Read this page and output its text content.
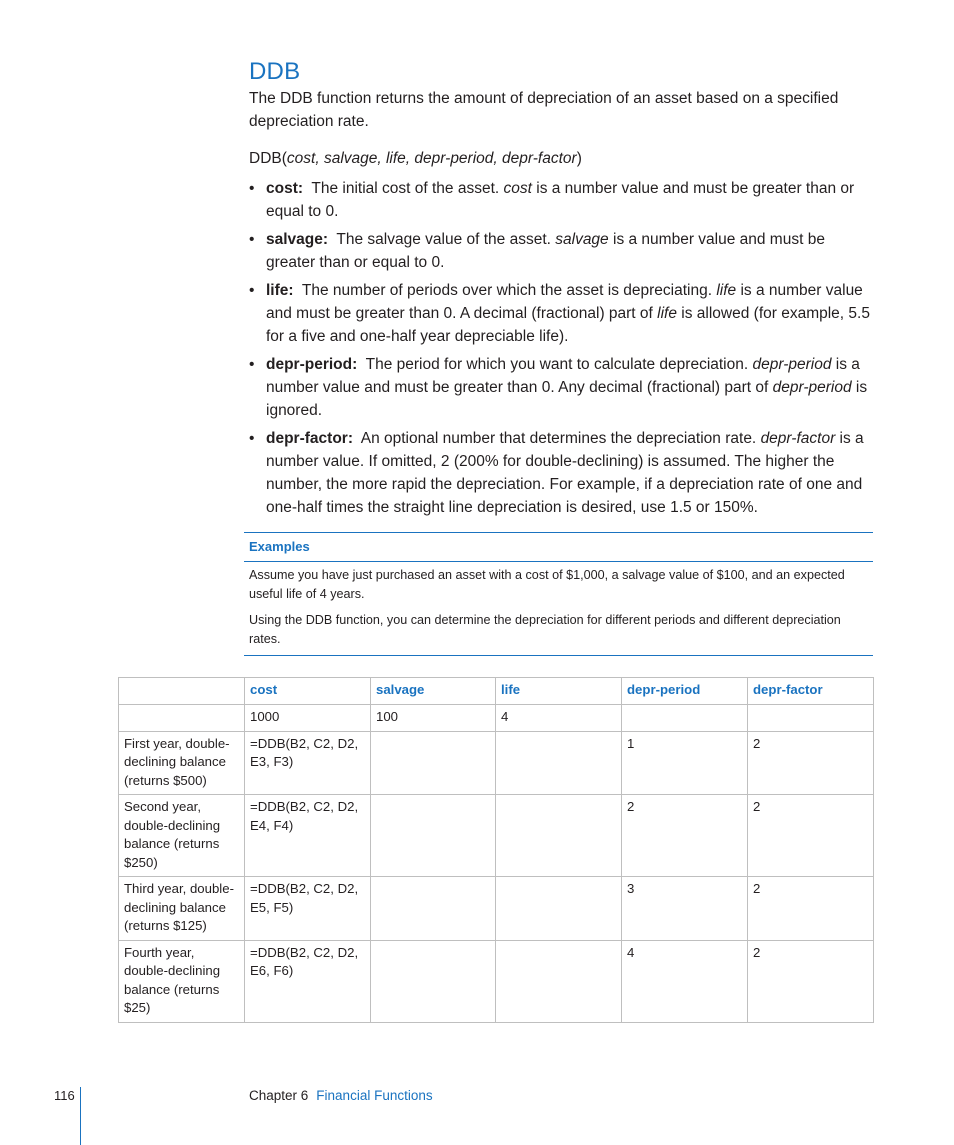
DDB
The DDB function returns the amount of depreciation of an asset based on a specified depreciation rate.
DDB(cost, salvage, life, depr-period, depr-factor)
• cost: The initial cost of the asset. cost is a number value and must be greater than or equal to 0.
• salvage: The salvage value of the asset. salvage is a number value and must be greater than or equal to 0.
• life: The number of periods over which the asset is depreciating. life is a number value and must be greater than 0. A decimal (fractional) part of life is allowed (for example, 5.5 for a five and one-half year depreciable life).
• depr-period: The period for which you want to calculate depreciation. depr-period is a number value and must be greater than 0. Any decimal (fractional) part of depr-period is ignored.
• depr-factor: An optional number that determines the depreciation rate. depr-factor is a number value. If omitted, 2 (200% for double-declining) is assumed. The higher the number, the more rapid the depreciation. For example, if a depreciation rate of one and one-half times the straight line depreciation is desired, use 1.5 or 150%.
Examples

Assume you have just purchased an asset with a cost of $1,000, a salvage value of $100, and an expected useful life of 4 years.

Using the DDB function, you can determine the depreciation for different periods and different depreciation rates.

	cost	salvage	life	depr-period	depr-factor
	1000	100	4		
First year, double-declining balance (returns $500)	=DDB(B2, C2, D2, E3, F3)			1	2
Second year, double-declining balance (returns $250)	=DDB(B2, C2, D2, E4, F4)			2	2
Third year, double-declining balance (returns $125)	=DDB(B2, C2, D2, E5, F5)			3	2
Fourth year, double-declining balance (returns $25)	=DDB(B2, C2, D2, E6, F6)			4	2
116	Chapter 6 Financial Functions
